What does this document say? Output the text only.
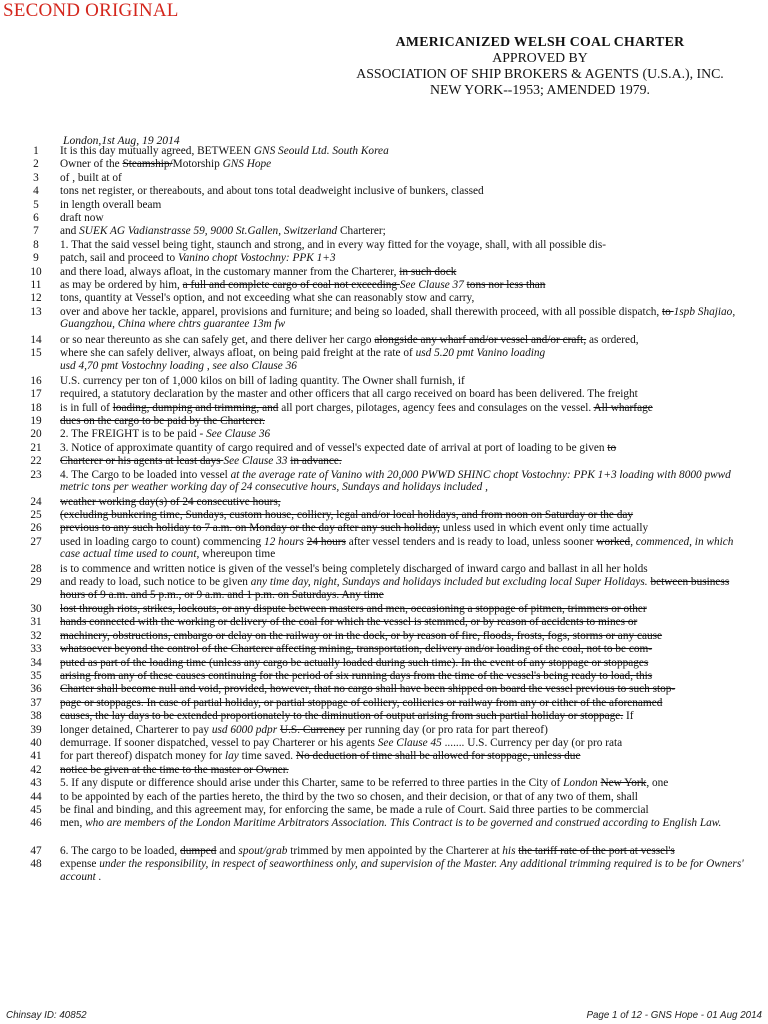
SECOND ORIGINAL
AMERICANIZED WELSH COAL CHARTER
APPROVED BY
ASSOCIATION OF SHIP BROKERS & AGENTS (U.S.A.), INC.
NEW YORK--1953; AMENDED 1979.
London,1st Aug, 19 2014
1	It is this day mutually agreed, BETWEEN GNS Seould Ltd. South Korea
2	Owner of the Steamship/Motorship GNS Hope
3	of , built at of
4	tons net register, or thereabouts, and about tons total deadweight inclusive of bunkers, classed
5	in length overall beam
6	draft now
7	and SUEK AG Vadianstrasse 59, 9000 St.Gallen, Switzerland Charterer;
8	1. That the said vessel being tight, staunch and strong, and in every way fitted for the voyage, shall, with all possible dis-
9	patch, sail and proceed to Vanino chopt Vostochny: PPK 1+3
10	and there load, always afloat, in the customary manner from the Charterer, in such dock
11	as may be ordered by him, a full and complete cargo of coal not exceeding See Clause 37 tons nor less than
12	tons, quantity at Vessel's option, and not exceeding what she can reasonably stow and carry,
13	over and above her tackle, apparel, provisions and furniture; and being so loaded, shall therewith proceed, with all possible dispatch, to 1spb Shajiao, Guangzhou, China where chtrs guarantee 13m fw
14	or so near thereunto as she can safely get, and there deliver her cargo alongside any wharf and/or vessel and/or craft, as ordered,
15	where she can safely deliver, always afloat, on being paid freight at the rate of usd 5.20 pmt Vanino loading
usd 4,70 pmt Vostochny loading , see also Clause 36
16	U.S. currency per ton of 1,000 kilos on bill of lading quantity. The Owner shall furnish, if
17	required, a statutory declaration by the master and other officers that all cargo received on board has been delivered. The freight
18	is in full of loading, dumping and trimming, and all port charges, pilotages, agency fees and consulages on the vessel. All wharfage
19	dues on the cargo to be paid by the Charterer.
20	2. The FREIGHT is to be paid - See Clause 36
21	3. Notice of approximate quantity of cargo required and of vessel's expected date of arrival at port of loading to be given to
22	Charterer or his agents at least days See Clause 33 in advance.
23	4. The Cargo to be loaded into vessel at the average rate of Vanino with 20,000 PWWD SHINC chopt Vostochny: PPK 1+3 loading with 8000 pwwd metric tons per weather working day of 24 consecutive hours, Sundays and holidays included ,
24	weather working day(s) of 24 consecutive hours,
25	(excluding bunkering time, Sundays, custom house, colliery, legal and/or local holidays, and from noon on Saturday or the day
26	previous to any such holiday to 7 a.m. on Monday or the day after any such holiday, unless used in which event only time actually
27	used in loading cargo to count) commencing 12 hours 24 hours after vessel tenders and is ready to load, unless sooner worked, commenced, in which case actual time used to count, whereupon time
28	is to commence and written notice is given of the vessel's being completely discharged of inward cargo and ballast in all her holds
29	and ready to load, such notice to be given any time day, night, Sundays and holidays included but excluding local Super Holidays. between business hours of 9 a.m. and 5 p.m., or 9 a.m. and 1 p.m. on Saturdays. Any time
30	lost through riots, strikes, lockouts, or any dispute between masters and men, occasioning a stoppage of pitmen, trimmers or other
31	hands connected with the working or delivery of the coal for which the vessel is stemmed, or by reason of accidents to mines or
32	machinery, obstructions, embargo or delay on the railway or in the dock, or by reason of fire, floods, frosts, fogs, storms or any cause
33	whatsoever beyond the control of the Charterer affecting mining, transportation, delivery and/or loading of the coal, not to be com-
34	puted as part of the loading time (unless any cargo be actually loaded during such time). In the event of any stoppage or stoppages
35	arising from any of these causes continuing for the period of six running days from the time of the vessel's being ready to load, this
36	Charter shall become null and void, provided, however, that no cargo shall have been shipped on board the vessel previous to such stop-
37	page or stoppages. In case of partial holiday, or partial stoppage of colliery, collieries or railway from any or either of the aforenamed
38	causes, the lay days to be extended proportionately to the diminution of output arising from such partial holiday or stoppage. If
39	longer detained, Charterer to pay usd 6000 pdpr U.S. Currency per running day (or pro rata for part thereof)
40	demurrage. If sooner dispatched, vessel to pay Charterer or his agents See Clause 45 ....... U.S. Currency per day (or pro rata
41	for part thereof) dispatch money for lay time saved. No deduction of time shall be allowed for stoppage, unless due
42	notice be given at the time to the master or Owner.
43	5. If any dispute or difference should arise under this Charter, same to be referred to three parties in the City of London New York, one
44	to be appointed by each of the parties hereto, the third by the two so chosen, and their decision, or that of any two of them, shall
45	be final and binding, and this agreement may, for enforcing the same, be made a rule of Court. Said three parties to be commercial
46	men, who are members of the London Maritime Arbitrators Association. This Contract is to be governed and construed according to English Law.
47	6. The cargo to be loaded, dumped and spout/grab trimmed by men appointed by the Charterer at his the tariff rate of the port at vessel's
48	expense under the responsibility, in respect of seaworthiness only, and supervision of the Master. Any additional trimming required is to be for Owners' account .
Chinsay ID: 40852	Page 1 of 12 - GNS Hope - 01 Aug 2014
